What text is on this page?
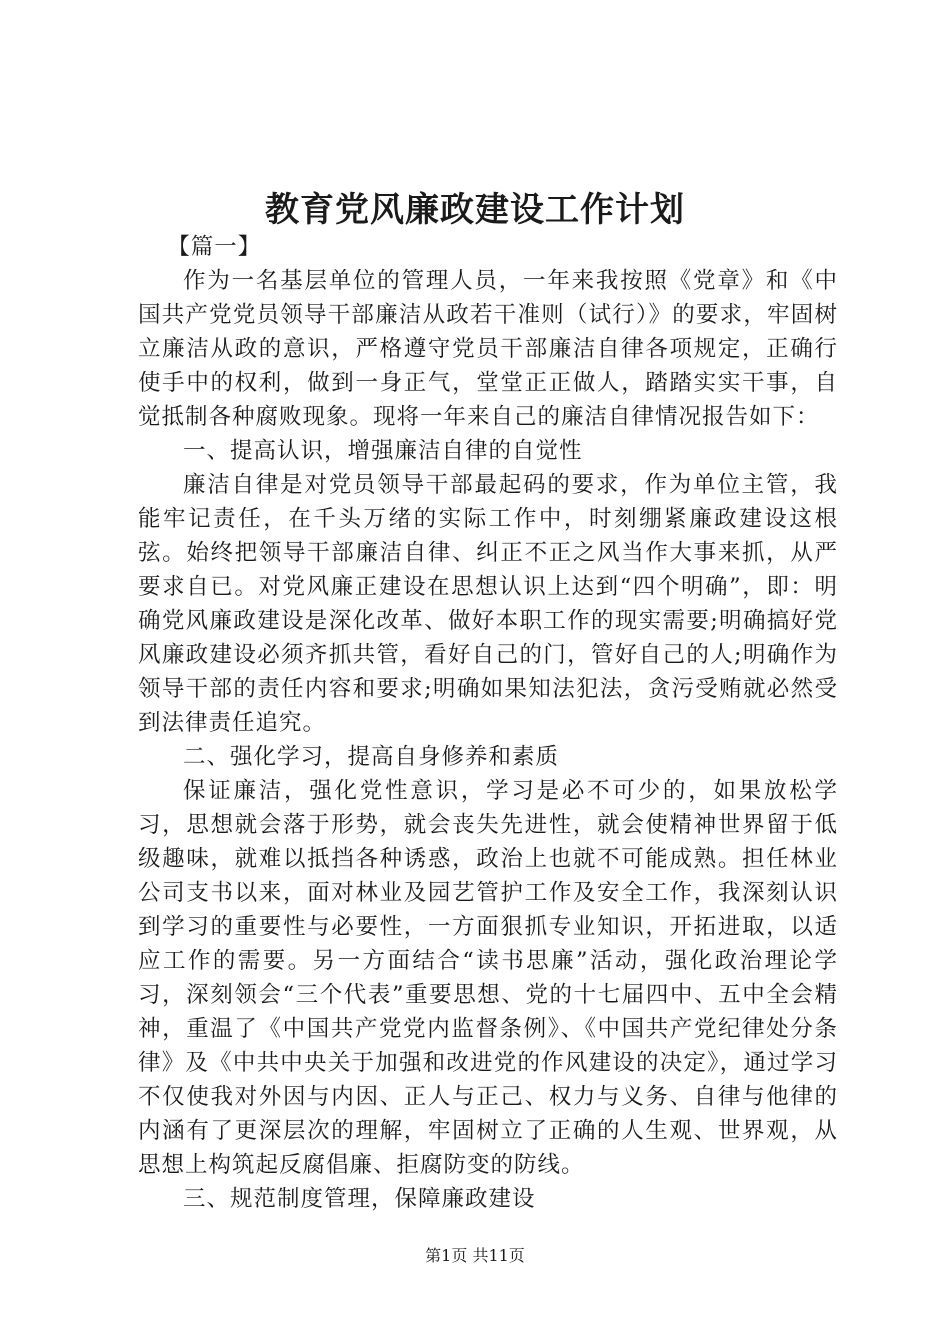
教育党风廉政建设工作计划

【篇一】

作为一名基层单位的管理人员，一年来我按照《党章》和《中国共产党党员领导干部廉洁从政若干准则（试行）》的要求，牢固树立廉洁从政的意识，严格遵守党员干部廉洁自律各项规定，正确行使手中的权利，做到一身正气，堂堂正正做人，踏踏实实干事，自觉抵制各种腐败现象。现将一年来自己的廉洁自律情况报告如下：

一、提高认识，增强廉洁自律的自觉性

廉洁自律是对党员领导干部最起码的要求，作为单位主管，我能牢记责任，在千头万绪的实际工作中，时刻绷紧廉政建设这根弦。始终把领导干部廉洁自律、纠正不正之风当作大事来抓，从严要求自已。对党风廉正建设在思想认识上达到“四个明确”，即：明确党风廉政建设是深化改革、做好本职工作的现实需要;明确搞好党风廉政建设必须齐抓共管，看好自己的门，管好自己的人;明确作为领导干部的责任内容和要求;明确如果知法犯法，贪污受贿就必然受到法律责任追究。

二、强化学习，提高自身修养和素质

保证廉洁，强化党性意识，学习是必不可少的，如果放松学习，思想就会落于形势，就会丧失先进性，就会使精神世界留于低级趣味，就难以抵挡各种诱惑，政治上也就不可能成熟。担任林业公司支书以来，面对林业及园艺管护工作及安全工作，我深刻认识到学习的重要性与必要性，一方面狠抓专业知识，开拓进取，以适应工作的需要。另一方面结合“读书思廉”活动，强化政治理论学习，深刻领会“三个代表”重要思想、党的十七届四中、五中全会精神，重温了《中国共产党党内监督条例》、《中国共产党纪律处分条律》及《中共中央关于加强和改进党的作风建设的决定》，通过学习不仅使我对外因与内因、正人与正己、权力与义务、自律与他律的内涵有了更深层次的理解，牢固树立了正确的人生观、世界观，从思想上构筑起反腐倡廉、拒腐防变的防线。

三、规范制度管理，保障廉政建设

第1页 共11页
